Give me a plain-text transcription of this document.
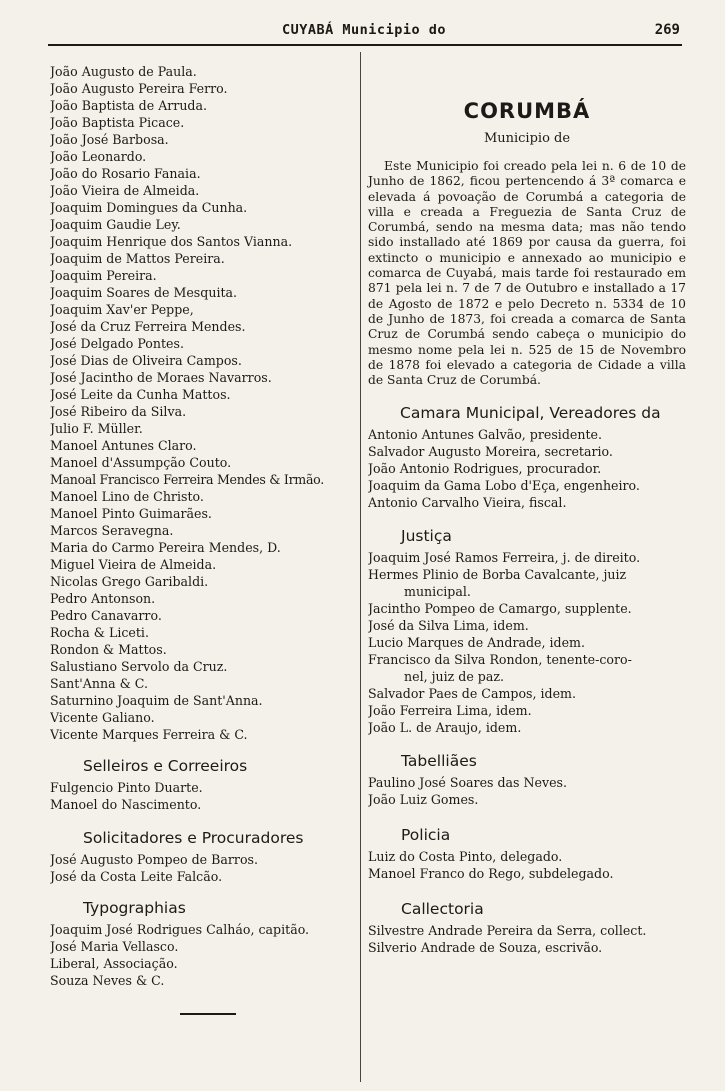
CUYABÁ Municipio do	269
João Augusto de Paula.
João Augusto Pereira Ferro.
João Baptista de Arruda.
João Baptista Picace.
João José Barbosa.
João Leonardo.
João do Rosario Fanaia.
João Vieira de Almeida.
Joaquim Domingues da Cunha.
Joaquim Gaudie Ley.
Joaquim Henrique dos Santos Vianna.
Joaquim de Mattos Pereira.
Joaquim Pereira.
Joaquim Soares de Mesquita.
Joaquim Xav'er Peppe,
José da Cruz Ferreira Mendes.
José Delgado Pontes.
José Dias de Oliveira Campos.
José Jacintho de Moraes Navarros.
José Leite da Cunha Mattos.
José Ribeiro da Silva.
Julio F. Müller.
Manoel Antunes Claro.
Manoel d'Assumpção Couto.
Manoal Francisco Ferreira Mendes & Irmão.
Manoel Lino de Christo.
Manoel Pinto Guimarães.
Marcos Seravegna.
Maria do Carmo Pereira Mendes, D.
Miguel Vieira de Almeida.
Nicolas Grego Garibaldi.
Pedro Antonson.
Pedro Canavarro.
Rocha & Liceti.
Rondon & Mattos.
Salustiano Servolo da Cruz.
Sant'Anna & C.
Saturnino Joaquim de Sant'Anna.
Vicente Galiano.
Vicente Marques Ferreira & C.
Selleiros e Correeiros
Fulgencio Pinto Duarte.
Manoel do Nascimento.
Solicitadores e Procuradores
José Augusto Pompeo de Barros.
José da Costa Leite Falcão.
Typographias
Joaquim José Rodrigues Calháo, capitão.
José Maria Vellasco.
Liberal, Associação.
Souza Neves & C.
CORUMBÁ
Municipio de
Este Municipio foi creado pela lei n. 6 de 10 de Junho de 1862, ficou pertencendo á 3ª comarca e elevada á povoação de Corumbá a categoria de villa e creada a Freguezia de Santa Cruz de Corumbá, sendo na mesma data; mas não tendo sido installado até 1869 por causa da guerra, foi extincto o municipio e annexado ao municipio e comarca de Cuyabá, mais tarde foi restaurado em 871 pela lei n. 7 de 7 de Outubro e installado a 17 de Agosto de 1872 e pelo Decreto n. 5334 de 10 de Junho de 1873, foi creada a comarca de Santa Cruz de Corumbá sendo cabeça o municipio do mesmo nome pela lei n. 525 de 15 de Novembro de 1878 foi elevado a categoria de Cidade a villa de Santa Cruz de Corumbá.
Camara Municipal, Vereadores da
Antonio Antunes Galvão, presidente.
Salvador Augusto Moreira, secretario.
João Antonio Rodrigues, procurador.
Joaquim da Gama Lobo d'Eça, engenheiro.
Antonio Carvalho Vieira, fiscal.
Justiça
Joaquim José Ramos Ferreira, j. de direito.
Hermes Plinio de Borba Cavalcante, juiz
municipal.
Jacintho Pompeo de Camargo, supplente.
José da Silva Lima, idem.
Lucio Marques de Andrade, idem.
Francisco da Silva Rondon, tenente-coro-
nel, juiz de paz.
Salvador Paes de Campos, idem.
João Ferreira Lima, idem.
João L. de Araujo, idem.
Tabelliães
Paulino José Soares das Neves.
João Luiz Gomes.
Policia
Luiz do Costa Pinto, delegado.
Manoel Franco do Rego, subdelegado.
Callectoria
Silvestre Andrade Pereira da Serra, collect.
Silverio Andrade de Souza, escrivão.
